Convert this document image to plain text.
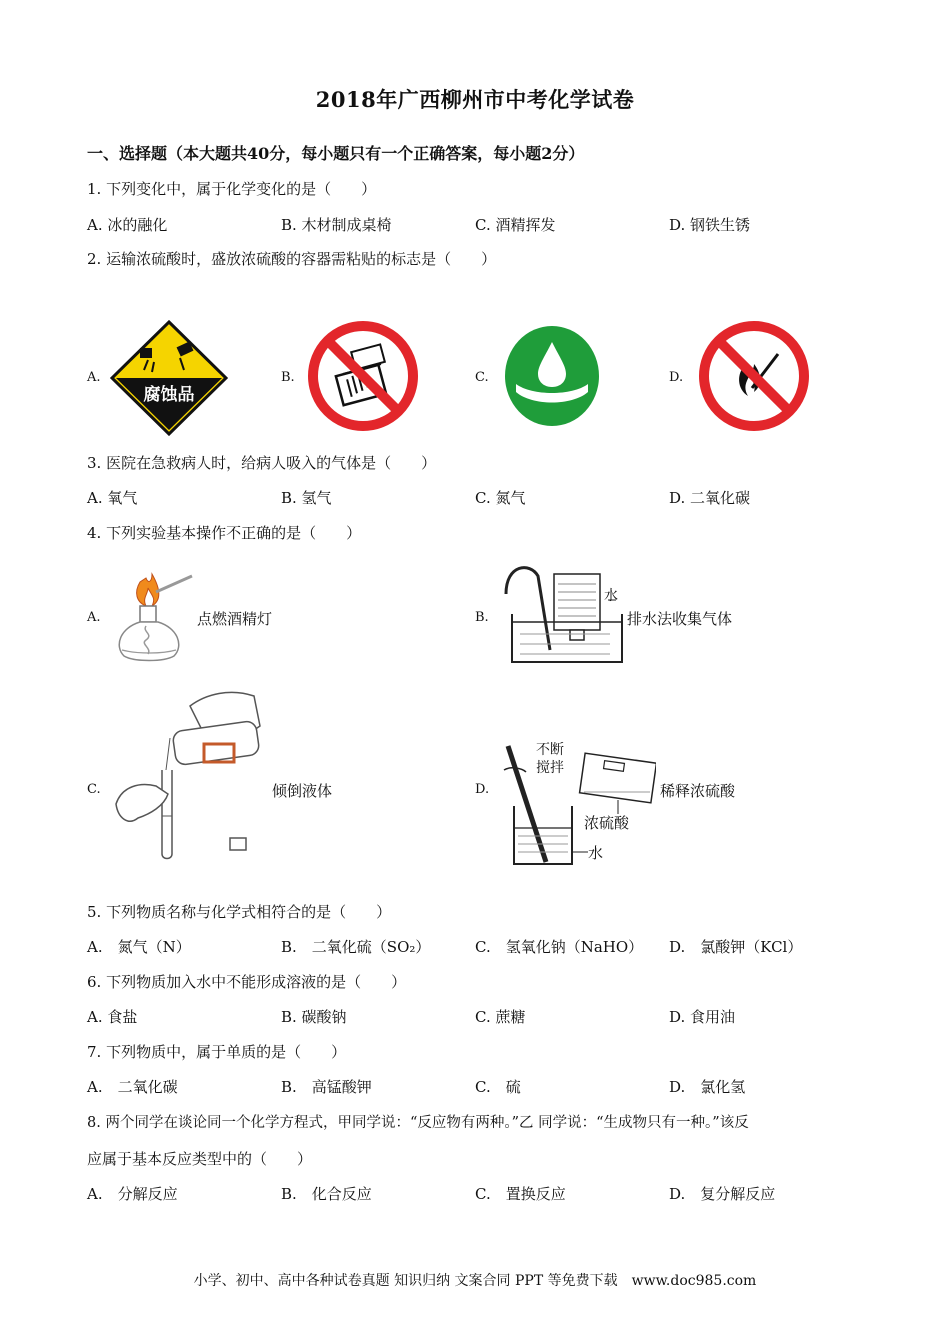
2018年广西柳州市中考化学试卷
一、选择题（本大题共40分，每小题只有一个正确答案，每小题2分）
1. 下列变化中，属于化学变化的是（　　）
A. 冰的融化	B. 木材制成桌椅	C. 酒精挥发	D. 钢铁生锈
2. 运输浓硫酸时，盛放浓硫酸的容器需粘贴的标志是（　　）
A.	B.	C.	D.
腐蚀品
3. 医院在急救病人时，给病人吸入的气体是（　　）
A. 氧气	B. 氢气	C. 氮气	D. 二氧化碳
4. 下列实验基本操作不正确的是（　　）
A.	B.
C.	D.
点燃酒精灯
水
排水法收集气体
倾倒液体
不断
搅拌
浓硫酸
水
稀释浓硫酸
5. 下列物质名称与化学式相符合的是（　　）
A.　氮气（N）	B.　二氧化硫（SO₂）	C.　氢氧化钠（NaHO） D.　氯酸钾（KCl）
6. 下列物质加入水中不能形成溶液的是（　　）
A. 食盐	B. 碳酸钠	C. 蔗糖	D. 食用油
7. 下列物质中，属于单质的是（　　）
A.　二氧化碳	B.　高锰酸钾	C.　硫	D.　氯化氢
8. 两个同学在谈论同一个化学方程式，甲同学说：“反应物有两种。”乙 同学说：“生成物只有一种。”该反
应属于基本反应类型中的（　　）
A.　分解反应	B.　化合反应	C.　置换反应	D.　复分解反应
小学、初中、高中各种试卷真题 知识归纳 文案合同 PPT 等免费下载　www.doc985.com
